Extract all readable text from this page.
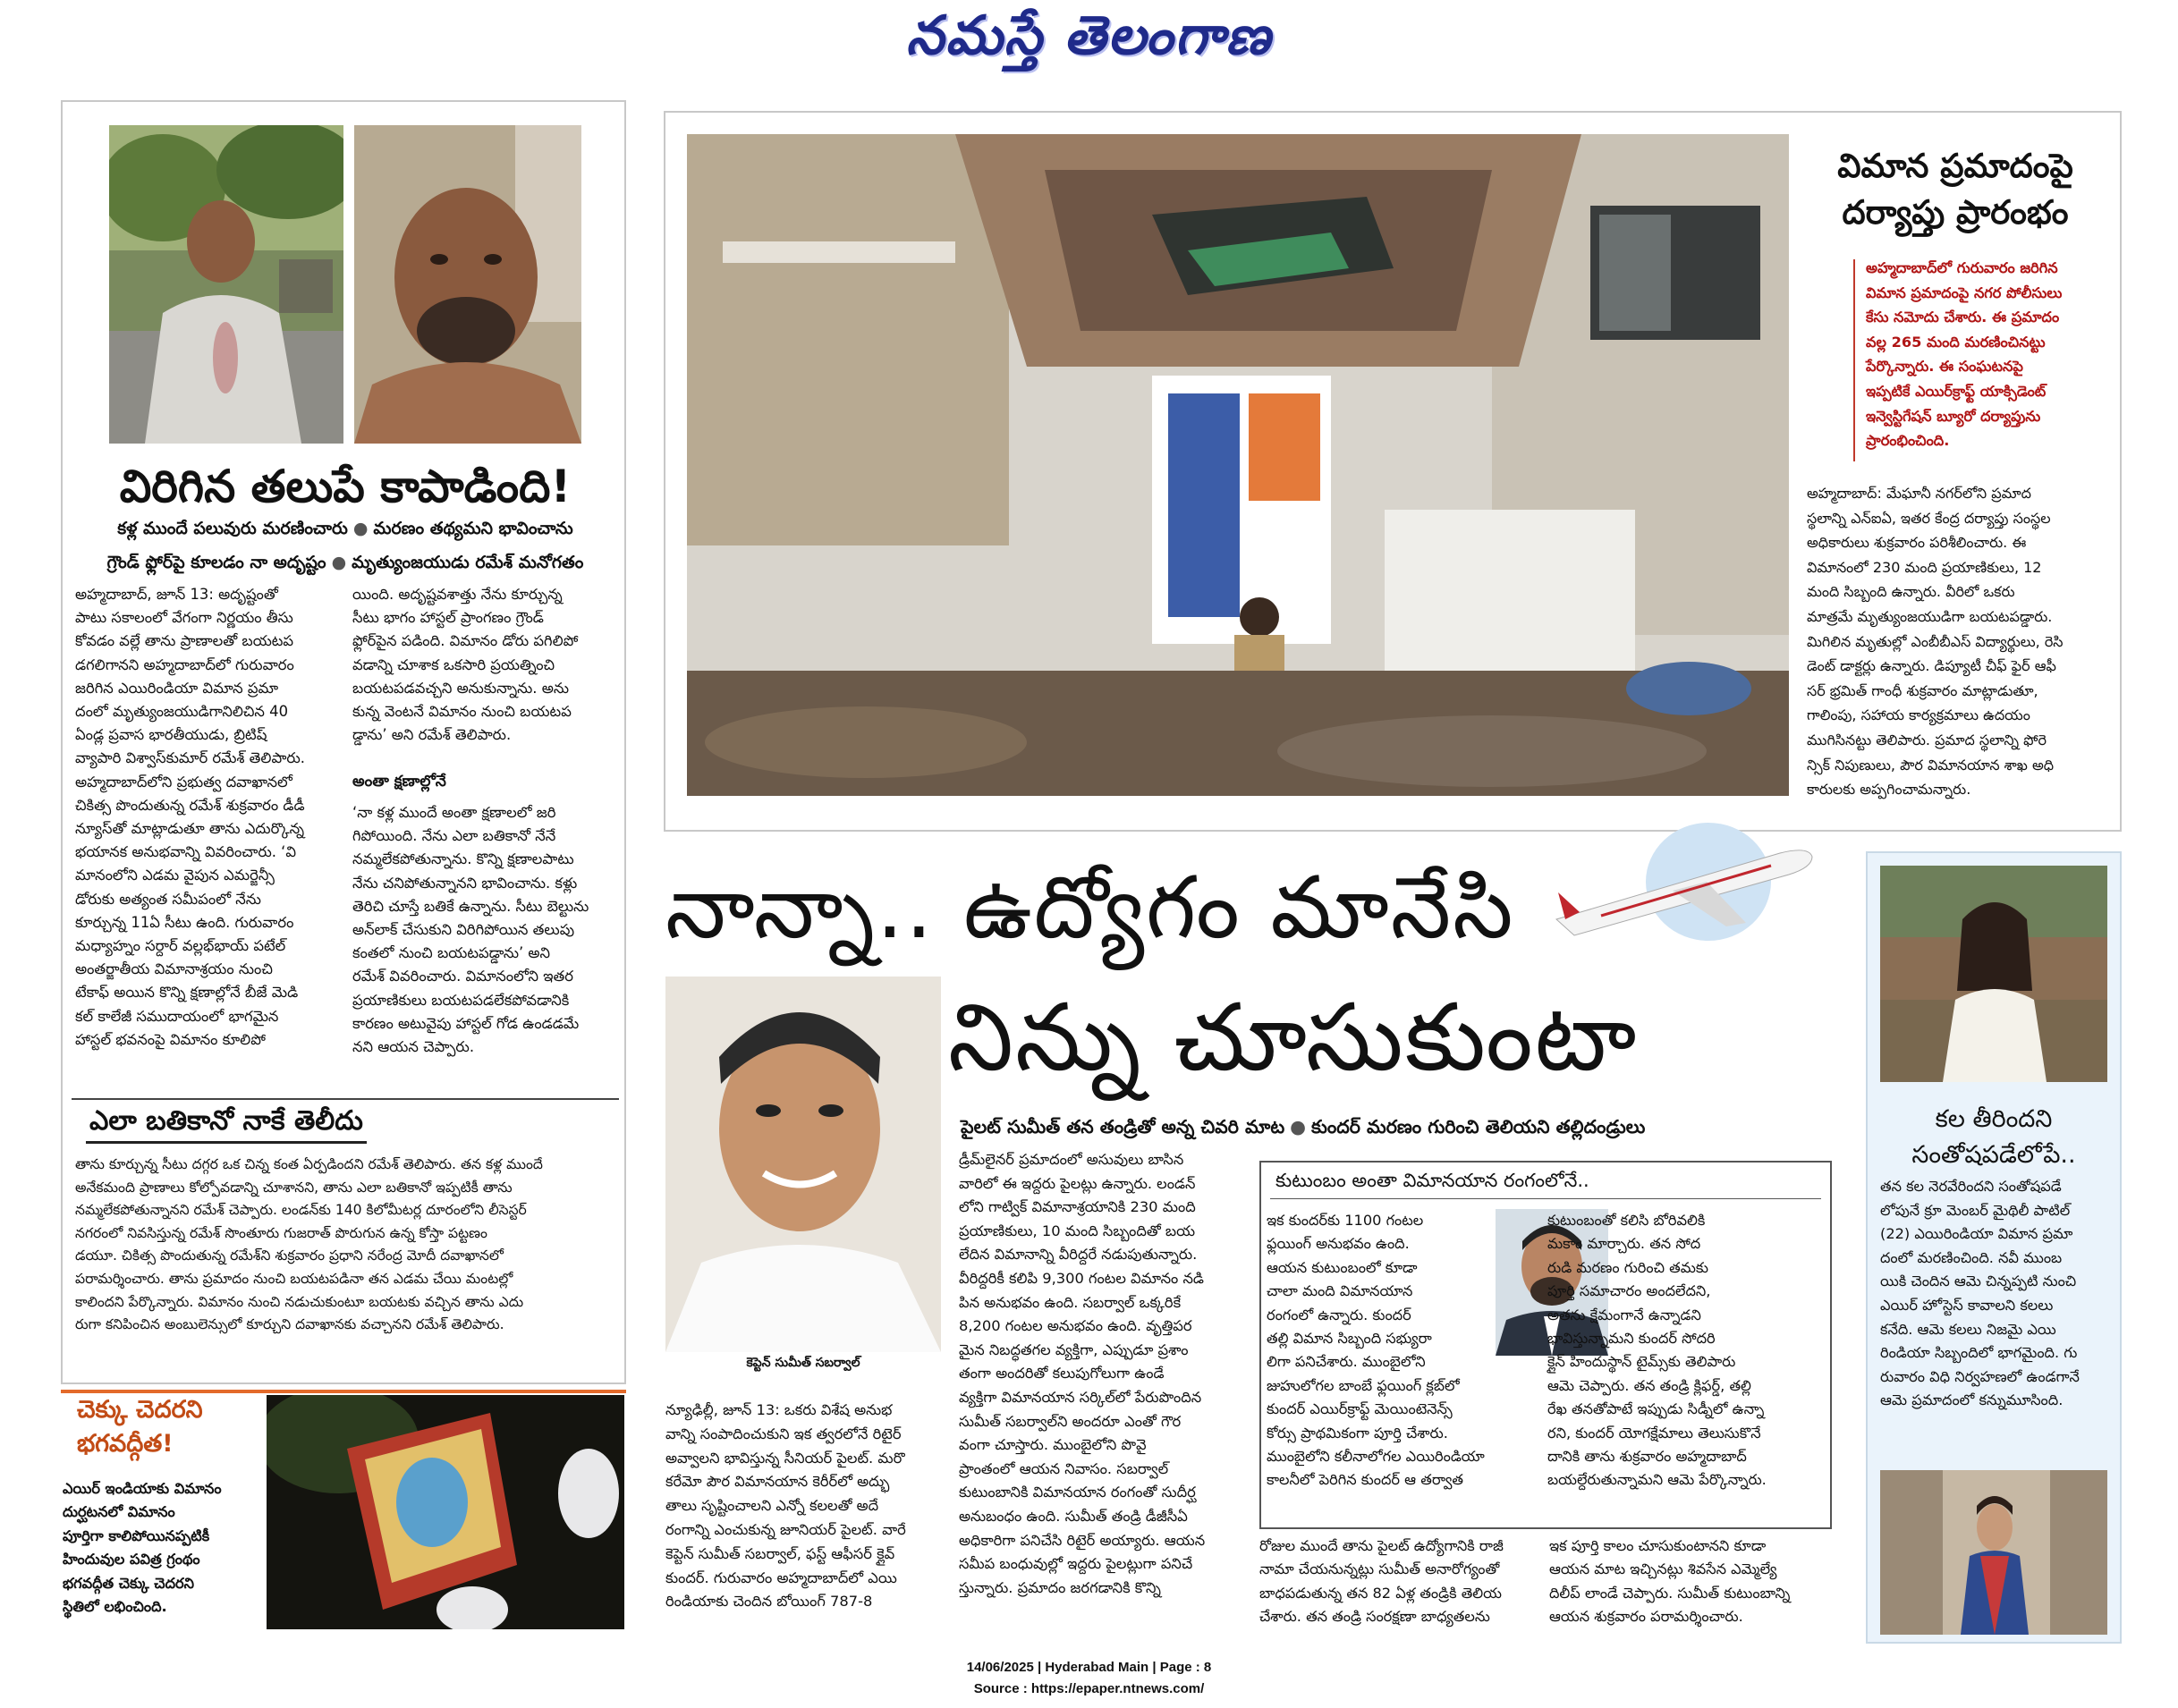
నమస్తే తెలంగాణ
విరిగిన తలుపే కాపాడింది!
కళ్ల ముందే పలువురు మరణించారు ● మరణం తథ్యమని భావించాను
గ్రౌండ్ ఫ్లోర్‌పై కూలడం నా అదృష్టం ● మృత్యుంజయుడు రమేశ్ మనోగతం
అహ్మదాబాద్, జూన్ 13: అదృష్టంతో
పాటు సకాలంలో వేగంగా నిర్ణయం తీసు
కోవడం వల్లే తాను ప్రాణాలతో బయటప
డగలిగానని అహ్మదాబాద్‌లో గురువారం
జరిగిన ఎయిరిండియా విమాన ప్రమా
దంలో మృత్యుంజయుడిగానిలిచిన 40
ఏండ్ల ప్రవాస భారతీయుడు, బ్రిటిష్
వ్యాపారి విశ్వాస్‌కుమార్ రమేశ్ తెలిపారు.
అహ్మదాబాద్‌లోని ప్రభుత్వ దవాఖానలో
చికిత్స పొందుతున్న రమేశ్ శుక్రవారం డీడీ
న్యూస్‌తో మాట్లాడుతూ తాను ఎదుర్కొన్న
భయానక అనుభవాన్ని వివరించారు. ‘వి
మానంలోని ఎడమ వైపున ఎమర్జెన్సీ
డోరుకు అత్యంత సమీపంలో నేను
కూర్చున్న 11ఏ సీటు ఉంది. గురువారం
మధ్యాహ్నం సర్దార్ వల్లభ్‌భాయ్ పటేల్
అంతర్జాతీయ విమానాశ్రయం నుంచి
టేకాఫ్ అయిన కొన్ని క్షణాల్లోనే బీజే మెడి
కల్ కాలేజీ సముదాయంలో భాగమైన
హాస్టల్ భవనంపై విమానం కూలిపో
యింది. అదృష్టవశాత్తు నేను కూర్చున్న
సీటు భాగం హాస్టల్ ప్రాంగణం గ్రౌండ్
ఫ్లోర్‌పైన పడింది. విమానం డోరు పగిలిపో
వడాన్ని చూశాక ఒకసారి ప్రయత్నించి
బయటపడవచ్చని అనుకున్నాను. అను
కున్న వెంటనే విమానం నుంచి బయటప
డ్డాను’ అని రమేశ్ తెలిపారు.
అంతా క్షణాల్లోనే
‘నా కళ్ల ముందే అంతా క్షణాలలో జరి
గిపోయింది. నేను ఎలా బతికానో నేనే
నమ్మలేకపోతున్నాను. కొన్ని క్షణాలపాటు
నేను చనిపోతున్నానని భావించాను. కళ్లు
తెరిచి చూస్తే బతికే ఉన్నాను. సీటు బెల్టును
అన్‌లాక్ చేసుకుని విరిగిపోయిన తలుపు
కంతలో నుంచి బయటపడ్డాను’ అని
రమేశ్ వివరించారు. విమానంలోని ఇతర
ప్రయాణికులు బయటపడలేకపోవడానికి
కారణం అటువైపు హాస్టల్ గోడ ఉండడమే
నని ఆయన చెప్పారు.
ఎలా బతికానో నాకే తెలీదు
తాను కూర్చున్న సీటు దగ్గర ఒక చిన్న కంత ఏర్పడిందని రమేశ్ తెలిపారు. తన కళ్ల ముందే
అనేకమంది ప్రాణాలు కోల్పోవడాన్ని చూశానని, తాను ఎలా బతికానో ఇప్పటికీ తాను
నమ్మలేకపోతున్నానని రమేశ్ చెప్పారు. లండన్‌కు 140 కిలోమీటర్ల దూరంలోని లీసెస్టర్
నగరంలో నివసిస్తున్న రమేశ్ సొంతూరు గుజరాత్ పొరుగున ఉన్న కోస్తా పట్టణం
డయూ. చికిత్స పొందుతున్న రమేశ్‌ని శుక్రవారం ప్రధాని నరేంద్ర మోదీ దవాఖానలో
పరామర్శించారు. తాను ప్రమాదం నుంచి బయటపడినా తన ఎడమ చేయి మంటల్లో
కాలిందని పేర్కొన్నారు. విమానం నుంచి నడుచుకుంటూ బయటకు వచ్చిన తాను ఎదు
రుగా కనిపించిన అంబులెన్సులో కూర్చుని దవాఖానకు వచ్చానని రమేశ్ తెలిపారు.
చెక్కు చెదరని భగవద్గీత!
ఎయిర్ ఇండియాకు విమానం
దుర్ఘటనలో విమానం
పూర్తిగా కాలిపోయినప్పటికీ
హిందువుల పవిత్ర గ్రంథం
భగవద్గీత చెక్కు చెదరని
స్థితిలో లభించింది.
విమాన ప్రమాదంపై దర్యాప్తు ప్రారంభం
అహ్మదాబాద్‌లో గురువారం జరిగిన
విమాన ప్రమాదంపై నగర పోలీసులు
కేసు నమోదు చేశారు. ఈ ప్రమాదం
వల్ల 265 మంది మరణించినట్టు
పేర్కొన్నారు. ఈ సంఘటనపై
ఇప్పటికే ఎయిర్‌క్రాఫ్ట్ యాక్సిడెంట్
ఇన్వెస్టిగేషన్ బ్యూరో దర్యాప్తును
ప్రారంభించింది.
అహ్మదాబాద్: మేఘానీ నగర్‌లోని ప్రమాద
స్థలాన్ని ఎన్ఐఏ, ఇతర కేంద్ర దర్యాప్తు సంస్థల
అధికారులు శుక్రవారం పరిశీలించారు. ఈ
విమానంలో 230 మంది ప్రయాణికులు, 12
మంది సిబ్బంది ఉన్నారు. వీరిలో ఒకరు
మాత్రమే మృత్యుంజయుడిగా బయటపడ్డారు.
మిగిలిన మృతుల్లో ఎంబీబీఎస్ విద్యార్థులు, రెసి
డెంట్ డాక్టర్లు ఉన్నారు. డిప్యూటీ చీఫ్ ఫైర్ ఆఫీ
సర్ భ్రమిత్ గాంధీ శుక్రవారం మాట్లాడుతూ,
గాలింపు, సహాయ కార్యక్రమాలు ఉదయం
ముగిసినట్టు తెలిపారు. ప్రమాద స్థలాన్ని ఫోరె
న్సిక్ నిపుణులు, పౌర విమానయాన శాఖ అధి
కారులకు అప్పగించామన్నారు.
నాన్నా.. ఉద్యోగం మానేసి
నిన్ను చూసుకుంటా
కెప్టెన్ సుమీత్ సబర్వాల్
పైలట్ సుమీత్ తన తండ్రితో అన్న చివరి మాట ● కుందర్ మరణం గురించి తెలియని తల్లిదండ్రులు
న్యూఢిల్లీ, జూన్ 13: ఒకరు విశేష అనుభ
వాన్ని సంపాదించుకుని ఇక త్వరలోనే రిటైర్
అవ్వాలని భావిస్తున్న సీనియర్ పైలట్. మరొ
కరేమో పౌర విమానయాన కెరీర్‌లో అద్భు
తాలు సృష్టించాలని ఎన్నో కలలతో అదే
రంగాన్ని ఎంచుకున్న జూనియర్ పైలట్. వారే
కెప్టెన్ సుమీత్ సబర్వాల్, ఫస్ట్ ఆఫీసర్ క్లైవ్
కుందర్. గురువారం అహ్మదాబాద్‌లో ఎయి
రిండియాకు చెందిన బోయింగ్ 787-8
డ్రీమ్‌లైనర్ ప్రమాదంలో అసువులు బాసిన
వారిలో ఈ ఇద్దరు పైలట్లు ఉన్నారు. లండన్
లోని గాట్విక్ విమానాశ్రయానికి 230 మంది
ప్రయాణికులు, 10 మంది సిబ్బందితో బయ
లేదిన విమానాన్ని వీరిద్దరే నడుపుతున్నారు.
వీరిద్దరికీ కలిపి 9,300 గంటల విమానం నడి
పిన అనుభవం ఉంది. సబర్వాల్ ఒక్కరికే
8,200 గంటల అనుభవం ఉంది. వృత్తిపర
మైన నిబద్ధతగల వ్యక్తిగా, ఎప్పుడూ ప్రశాం
తంగా అందరితో కలుపుగోలుగా ఉండే
వ్యక్తిగా విమానయాన సర్కిల్‌లో పేరుపొందిన
సుమీత్ సబర్వాల్‌ని అందరూ ఎంతో గౌర
వంగా చూస్తారు. ముంబైలోని పొవై
ప్రాంతంలో ఆయన నివాసం. సబర్వాల్
కుటుంబానికి విమానయాన రంగంతో సుదీర్ఘ
అనుబంధం ఉంది. సుమీత్ తండ్రి డీజీసీఏ
అధికారిగా పనిచేసి రిటైర్ అయ్యారు. ఆయన
సమీప బంధువుల్లో ఇద్దరు పైలట్లుగా పనిచే
స్తున్నారు. ప్రమాదం జరగడానికి కొన్ని
కుటుంబం అంతా విమానయాన రంగంలోనే..
ఇక కుందర్‌కు 1100 గంటల
ఫ్లయింగ్ అనుభవం ఉంది.
ఆయన కుటుంబంలో కూడా
చాలా మంది విమానయాన
రంగంలో ఉన్నారు. కుందర్
తల్లి విమాన సిబ్బంది సభ్యురా
లిగా పనిచేశారు. ముంబైలోని
జుహులోగల బాంబే ఫ్లయింగ్ క్లబ్‌లో
కుందర్ ఎయిర్‌క్రాఫ్ట్ మెయింటెనెన్స్
కోర్సు ప్రాథమికంగా పూర్తి చేశారు.
ముంబైలోని కలీనాలోగల ఎయిరిండియా
కాలనీలో పెరిగిన కుందర్ ఆ తర్వాత
కుటుంబంతో కలిసి బోరివలికి
మకాం మార్చారు. తన సోద
రుడి మరణం గురించి తమకు
పూర్తి సమాచారం అందలేదని,
అతను క్షేమంగానే ఉన్నాడని
భావిస్తున్నామని కుందర్ సోదరి
క్లైన్ హిందుస్థాన్ టైమ్స్‌కు తెలిపారు
ఆమె చెప్పారు. తన తండ్రి క్లిఫర్డ్, తల్లి
రేఖ తనతోపాటే ఇప్పుడు సిడ్నీలో ఉన్నా
రని, కుందర్ యోగక్షేమాలు తెలుసుకొనే
దానికి తాను శుక్రవారం అహ్మదాబాద్
బయల్దేరుతున్నామని ఆమె పేర్కొన్నారు.
రోజుల ముందే తాను పైలట్ ఉద్యోగానికి రాజీ
నామా చేయనున్నట్లు సుమీత్ అనారోగ్యంతో
బాధపడుతున్న తన 82 ఏళ్ల తండ్రికి తెలియ
చేశారు. తన తండ్రి సంరక్షణా బాధ్యతలను
ఇక పూర్తి కాలం చూసుకుంటానని కూడా
ఆయన మాట ఇచ్చినట్లు శివసేన ఎమ్మెల్యే
దిలీప్ లాండే చెప్పారు. సుమీత్ కుటుంబాన్ని
ఆయన శుక్రవారం పరామర్శించారు.
కల తీరిందని సంతోషపడేలోపే..
తన కల నెరవేరిందని సంతోషపడే
లోపునే క్రూ మెంబర్ మైథిలీ పాటిల్
(22) ఎయిరిండియా విమాన ప్రమా
దంలో మరణించింది. నవీ ముంబ
యికి చెందిన ఆమె చిన్నప్పటి నుంచి
ఎయిర్ హోస్టెస్ కావాలని కలలు
కనేది. ఆమె కలలు నిజమై ఎయి
రిండియా సిబ్బందిలో భాగమైంది. గు
రువారం విధి నిర్వహణలో ఉండగానే
ఆమె ప్రమాదంలో కన్నుమూసింది.
14/06/2025 | Hyderabad Main | Page : 8
Source : https://epaper.ntnews.com/
